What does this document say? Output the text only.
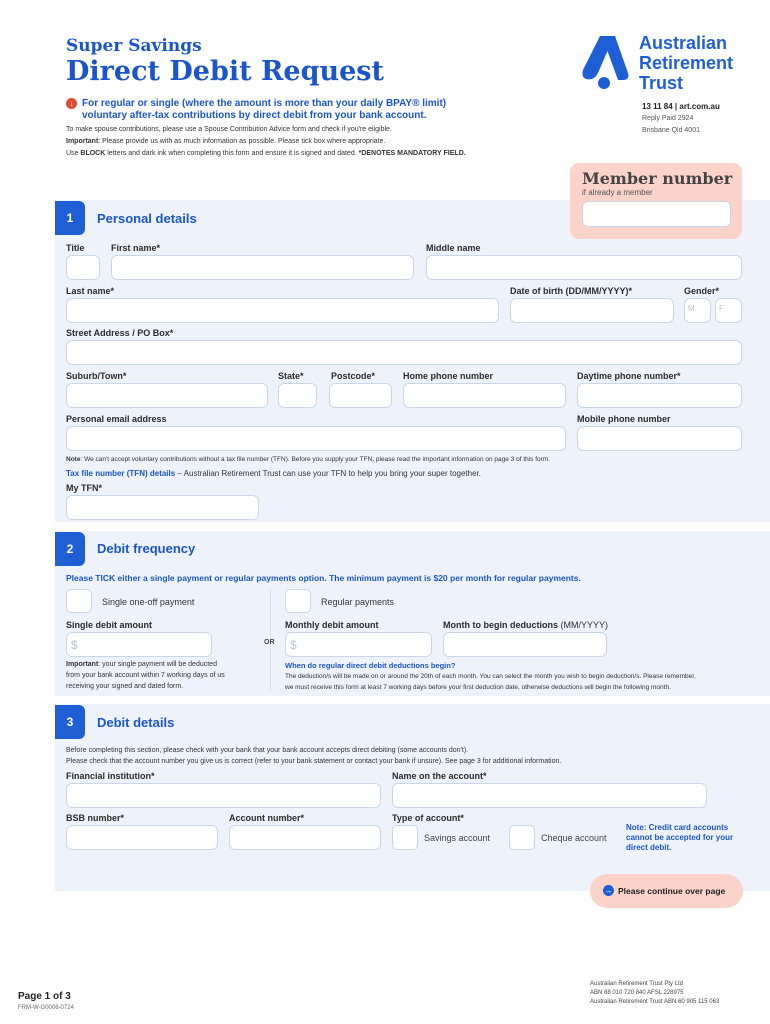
Super Savings
Direct Debit Request
Australian
Retirement
Trust
13 11 84 | art.com.au
Reply Paid 2924
Brisbane Qld 4001
↓ For regular or single (where the amount is more than your daily BPAY® limit)
voluntary after-tax contributions by direct debit from your bank account.
To make spouse contributions, please use a Spouse Contribution Advice form and check if you're eligible.
Important: Please provide us with as much information as possible. Please tick box where appropriate.
Use BLOCK letters and dark ink when completing this form and ensure it is signed and dated. *DENOTES MANDATORY FIELD.
Member number
if already a member
1	Personal details
Title	First name*	Middle name
Last name*	Date of birth (DD/MM/YYYY)*	Gender*
M	F
Street Address / PO Box*
Suburb/Town*	State*	Postcode*	Home phone number	Daytime phone number*
Personal email address	Mobile phone number
Note: We can't accept voluntary contributions without a tax file number (TFN). Before you supply your TFN, please read the important information on page 3 of this form.
Tax file number (TFN) details – Australian Retirement Trust can use your TFN to help you bring your super together.
My TFN*
2	Debit frequency
Please TICK either a single payment or regular payments option. The minimum payment is $20 per month for regular payments.
Single one-off payment	Regular payments
Single debit amount	Monthly debit amount	Month to begin deductions (MM/YYYY)
$	OR $
Important: your single payment will be deducted
from your bank account within 7 working days of us
receiving your signed and dated form.
When do regular direct debit deductions begin?
The deduction/s will be made on or around the 20th of each month. You can select the month you wish to begin deduction/s. Please remember,
we must receive this form at least 7 working days before your first deduction date, otherwise deductions will begin the following month.
3	Debit details
Before completing this section, please check with your bank that your bank account accepts direct debiting (some accounts don't).
Please check that the account number you give us is correct (refer to your bank statement or contact your bank if unsure). See page 3 for additional information.
Financial institution*	Name on the account*
BSB number*	Account number*	Type of account*
Savings account	Cheque account
Note: Credit card accounts
cannot be accepted for your
direct debit.
→ Please continue over page
Page 1 of 3
FRM-W-G0006-0724
Australian Retirement Trust Pty Ltd
ABN 88 010 720 840 AFSL 228975
Australian Retirement Trust ABN 60 905 115 063
